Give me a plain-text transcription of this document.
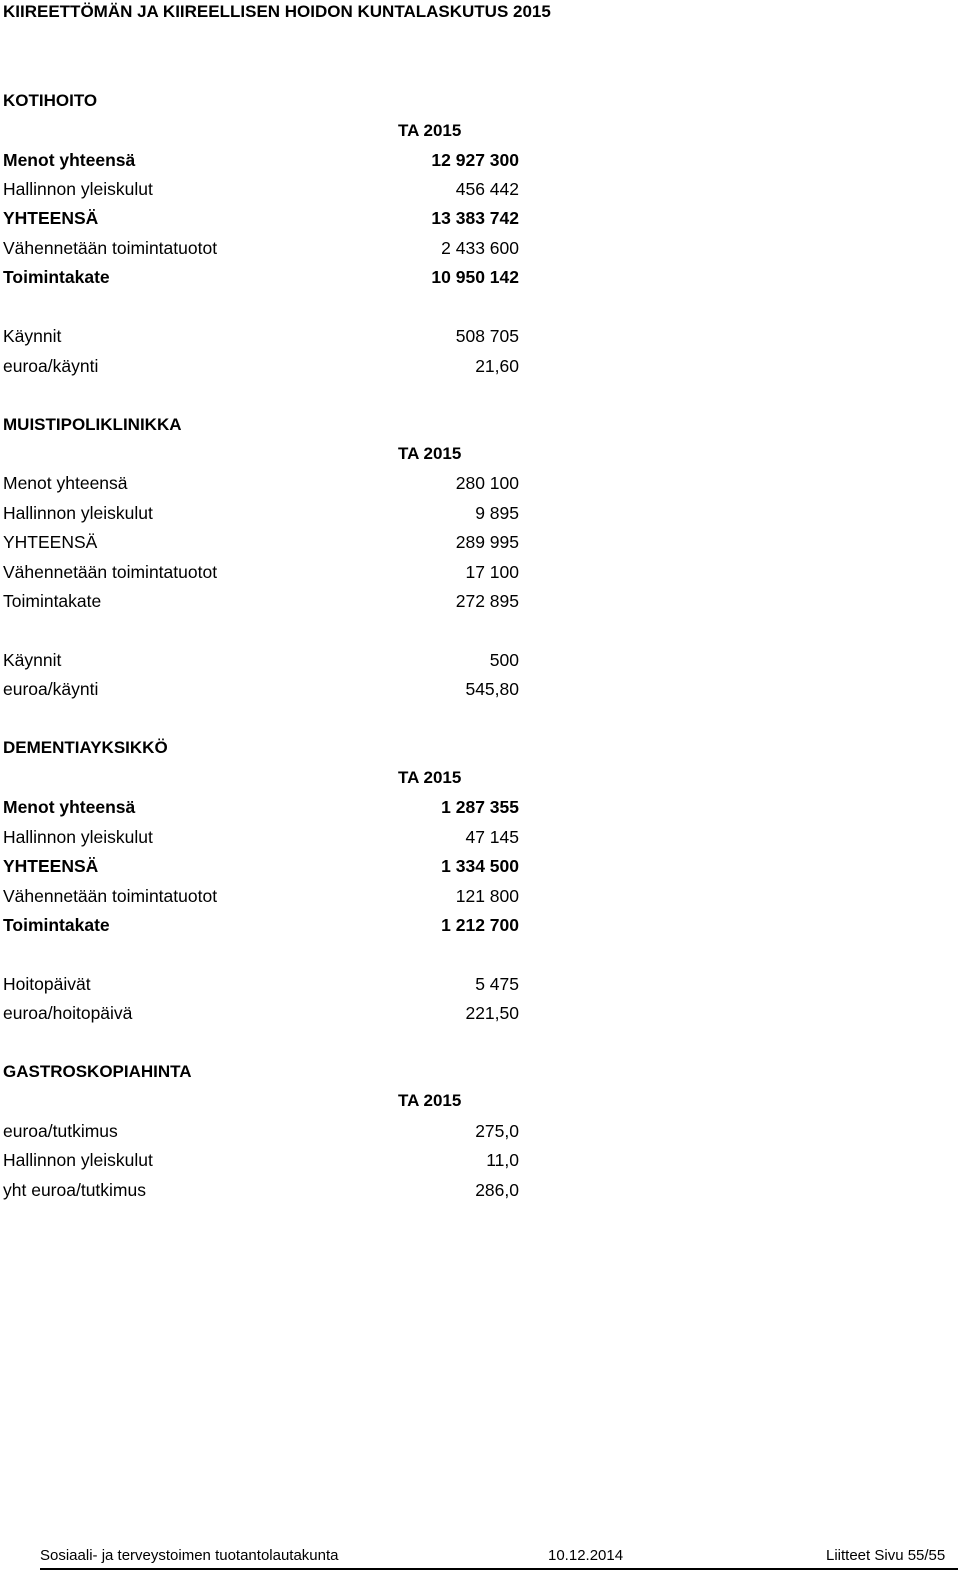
KIIREETTÖMÄN JA KIIREELLISEN HOIDON KUNTALASKUTUS 2015
KOTIHOITO
TA 2015
Menot yhteensä	12 927 300
Hallinnon yleiskulut	456 442
YHTEENSÄ	13 383 742
Vähennetään toimintatuotot	2 433 600
Toimintakate	10 950 142
Käynnit	508 705
euroa/käynti	21,60
MUISTIPOLIKLINIKKA
TA 2015
Menot yhteensä	280 100
Hallinnon yleiskulut	9 895
YHTEENSÄ	289 995
Vähennetään toimintatuotot	17 100
Toimintakate	272 895
Käynnit	500
euroa/käynti	545,80
DEMENTIAYKSIKKÖ
TA 2015
Menot yhteensä	1 287 355
Hallinnon yleiskulut	47 145
YHTEENSÄ	1 334 500
Vähennetään toimintatuotot	121 800
Toimintakate	1 212 700
Hoitopäivät	5 475
euroa/hoitopäivä	221,50
GASTROSKOPIAHINTA
TA 2015
euroa/tutkimus	275,0
Hallinnon yleiskulut	11,0
yht euroa/tutkimus	286,0
Sosiaali- ja terveystoimen tuotantolautakunta	10.12.2014	Liitteet Sivu 55/55
